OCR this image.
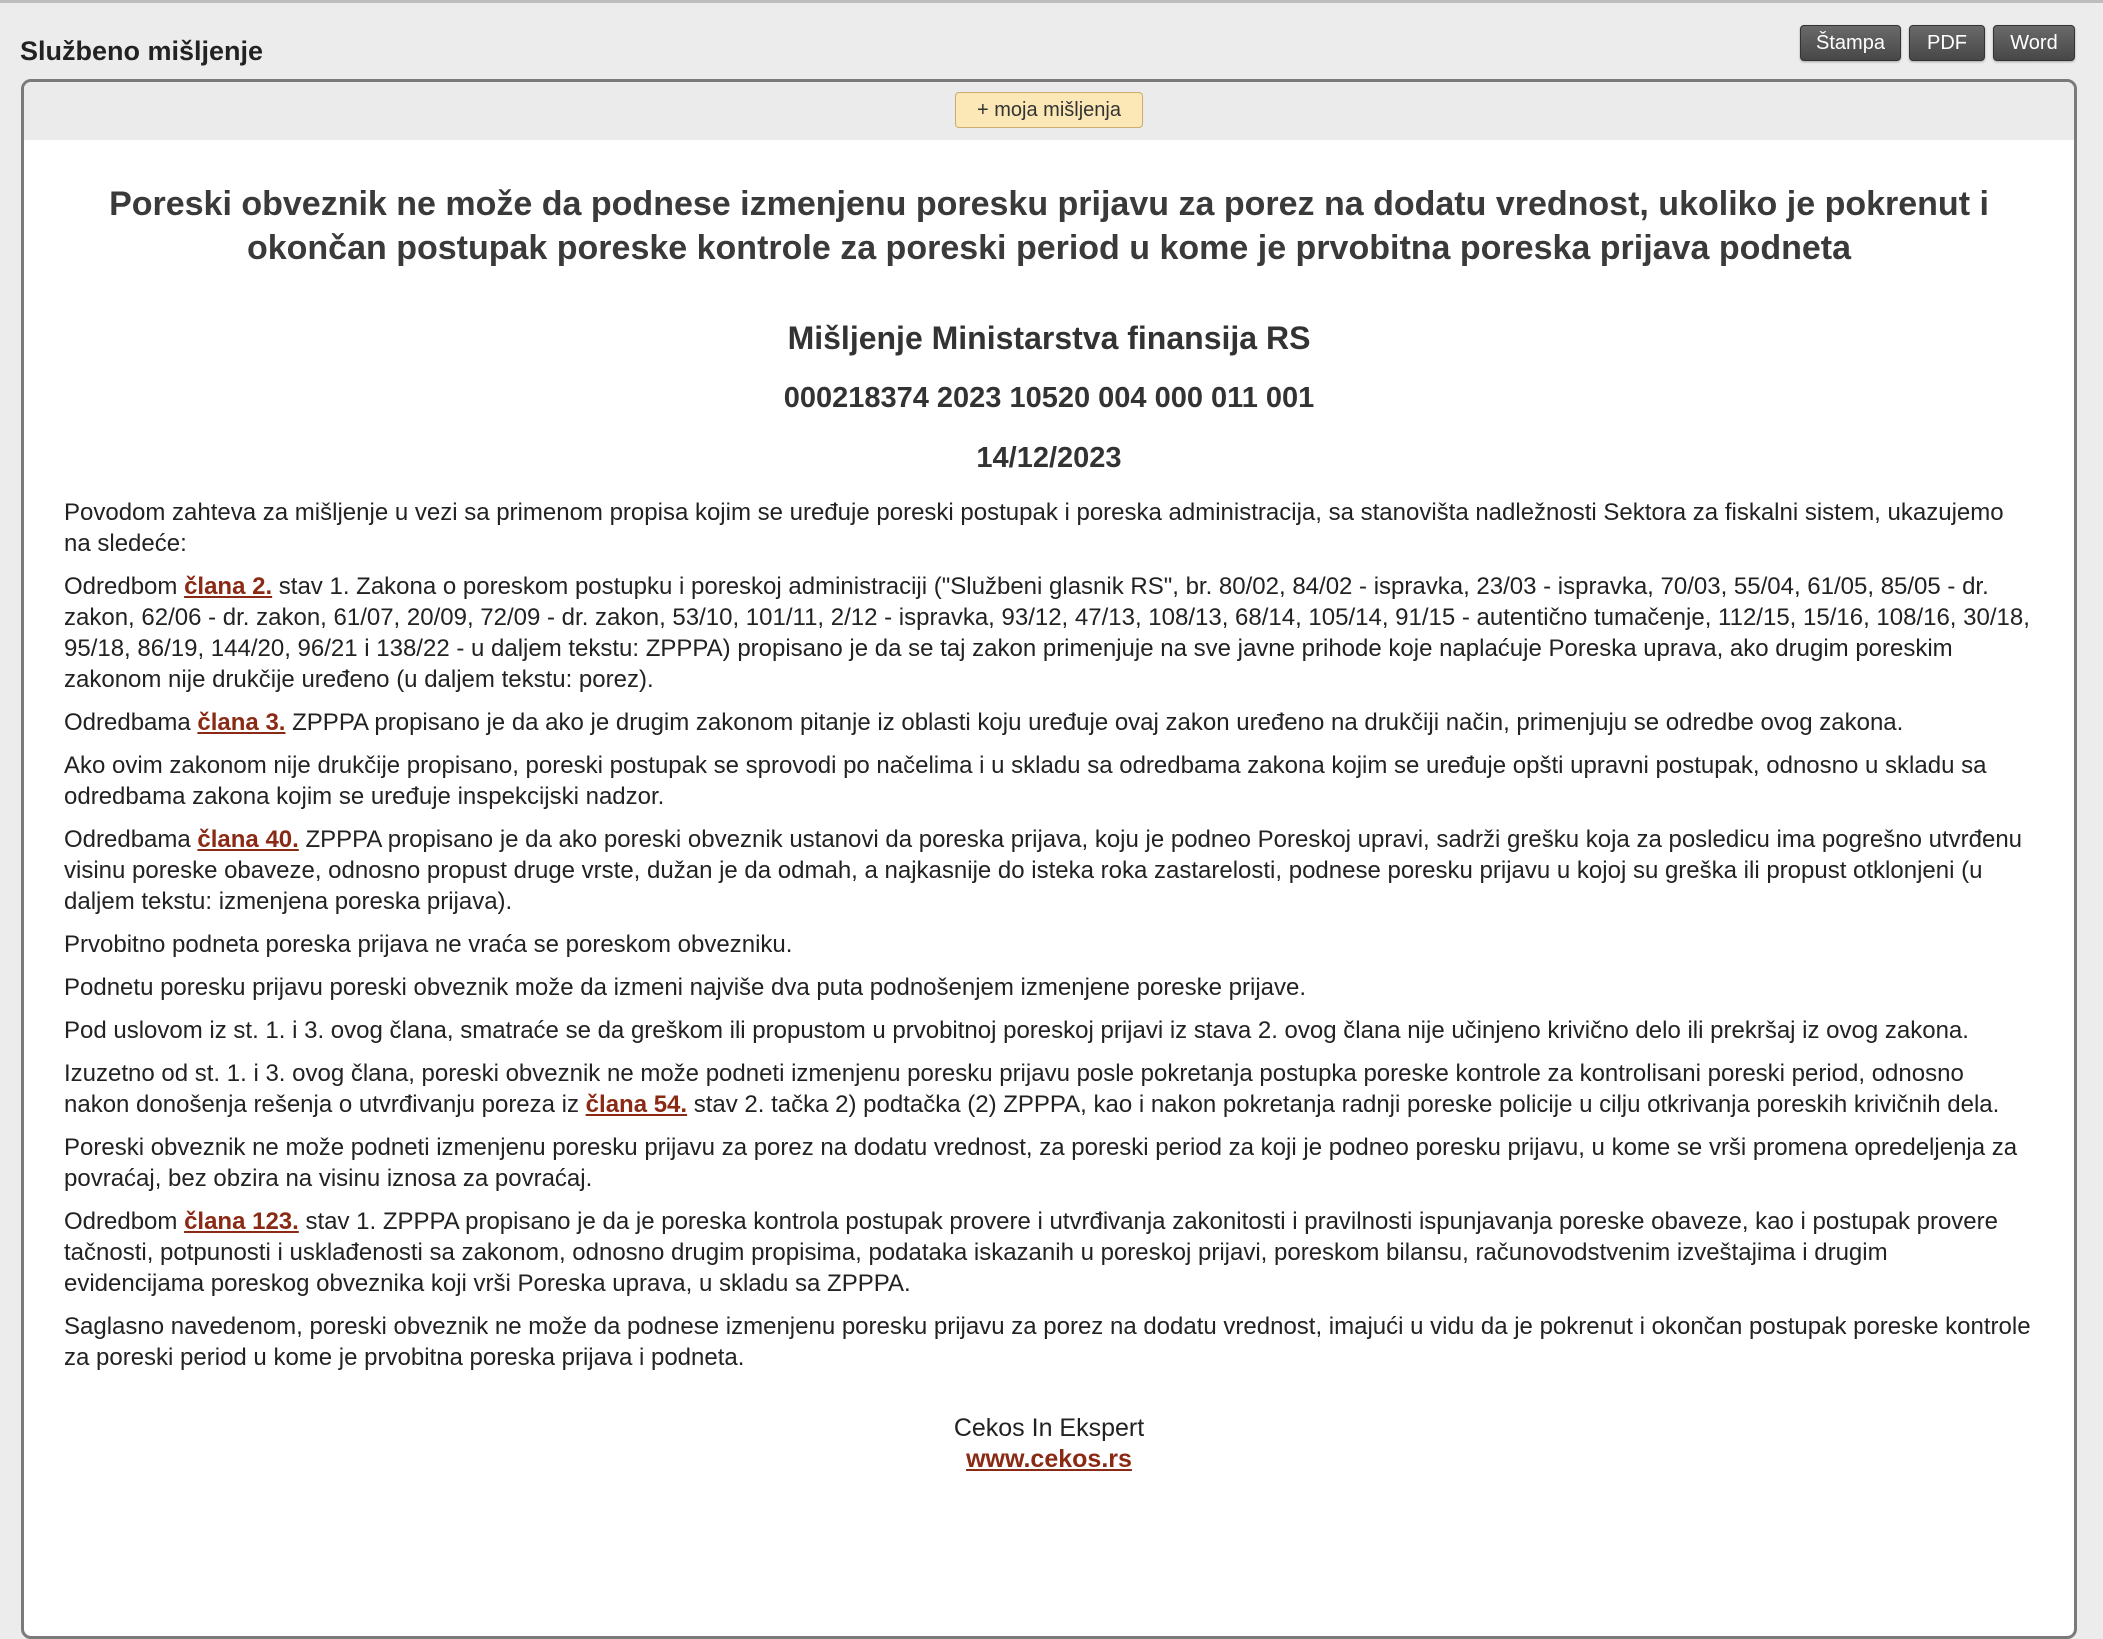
Službeno mišljenje	Štampa	PDF	Word
+ moja mišljenja
Poreski obveznik ne može da podnese izmenjenu poresku prijavu za porez na dodatu vrednost, ukoliko je pokrenut i okončan postupak poreske kontrole za poreski period u kome je prvobitna poreska prijava podneta
Mišljenje Ministarstva finansija RS
000218374 2023 10520 004 000 011 001
14/12/2023

Povodom zahteva za mišljenje u vezi sa primenom propisa kojim se uređuje poreski postupak i poreska administracija, sa stanovišta nadležnosti Sektora za fiskalni sistem, ukazujemo na sledeće:

Odredbom člana 2. stav 1. Zakona o poreskom postupku i poreskoj administraciji ("Službeni glasnik RS", br. 80/02, 84/02 - ispravka, 23/03 - ispravka, 70/03, 55/04, 61/05, 85/05 - dr. zakon, 62/06 - dr. zakon, 61/07, 20/09, 72/09 - dr. zakon, 53/10, 101/11, 2/12 - ispravka, 93/12, 47/13, 108/13, 68/14, 105/14, 91/15 - autentično tumačenje, 112/15, 15/16, 108/16, 30/18, 95/18, 86/19, 144/20, 96/21 i 138/22 - u daljem tekstu: ZPPPA) propisano je da se taj zakon primenjuje na sve javne prihode koje naplaćuje Poreska uprava, ako drugim poreskim zakonom nije drukčije uređeno (u daljem tekstu: porez).

Odredbama člana 3. ZPPPA propisano je da ako je drugim zakonom pitanje iz oblasti koju uređuje ovaj zakon uređeno na drukčiji način, primenjuju se odredbe ovog zakona.

Ako ovim zakonom nije drukčije propisano, poreski postupak se sprovodi po načelima i u skladu sa odredbama zakona kojim se uređuje opšti upravni postupak, odnosno u skladu sa odredbama zakona kojim se uređuje inspekcijski nadzor.

Odredbama člana 40. ZPPPA propisano je da ako poreski obveznik ustanovi da poreska prijava, koju je podneo Poreskoj upravi, sadrži grešku koja za posledicu ima pogrešno utvrđenu visinu poreske obaveze, odnosno propust druge vrste, dužan je da odmah, a najkasnije do isteka roka zastarelosti, podnese poresku prijavu u kojoj su greška ili propust otklonjeni (u daljem tekstu: izmenjena poreska prijava).

Prvobitno podneta poreska prijava ne vraća se poreskom obvezniku.

Podnetu poresku prijavu poreski obveznik može da izmeni najviše dva puta podnošenjem izmenjene poreske prijave.

Pod uslovom iz st. 1. i 3. ovog člana, smatraće se da greškom ili propustom u prvobitnoj poreskoj prijavi iz stava 2. ovog člana nije učinjeno krivično delo ili prekršaj iz ovog zakona.

Izuzetno od st. 1. i 3. ovog člana, poreski obveznik ne može podneti izmenjenu poresku prijavu posle pokretanja postupka poreske kontrole za kontrolisani poreski period, odnosno nakon donošenja rešenja o utvrđivanju poreza iz člana 54. stav 2. tačka 2) podtačka (2) ZPPPA, kao i nakon pokretanja radnji poreske policije u cilju otkrivanja poreskih krivičnih dela.

Poreski obveznik ne može podneti izmenjenu poresku prijavu za porez na dodatu vrednost, za poreski period za koji je podneo poresku prijavu, u kome se vrši promena opredeljenja za povraćaj, bez obzira na visinu iznosa za povraćaj.

Odredbom člana 123. stav 1. ZPPPA propisano je da je poreska kontrola postupak provere i utvrđivanja zakonitosti i pravilnosti ispunjavanja poreske obaveze, kao i postupak provere tačnosti, potpunosti i usklađenosti sa zakonom, odnosno drugim propisima, podataka iskazanih u poreskoj prijavi, poreskom bilansu, računovodstvenim izveštajima i drugim evidencijama poreskog obveznika koji vrši Poreska uprava, u skladu sa ZPPPA.

Saglasno navedenom, poreski obveznik ne može da podnese izmenjenu poresku prijavu za porez na dodatu vrednost, imajući u vidu da je pokrenut i okončan postupak poreske kontrole za poreski period u kome je prvobitna poreska prijava i podneta.

Cekos In Ekspert
www.cekos.rs
